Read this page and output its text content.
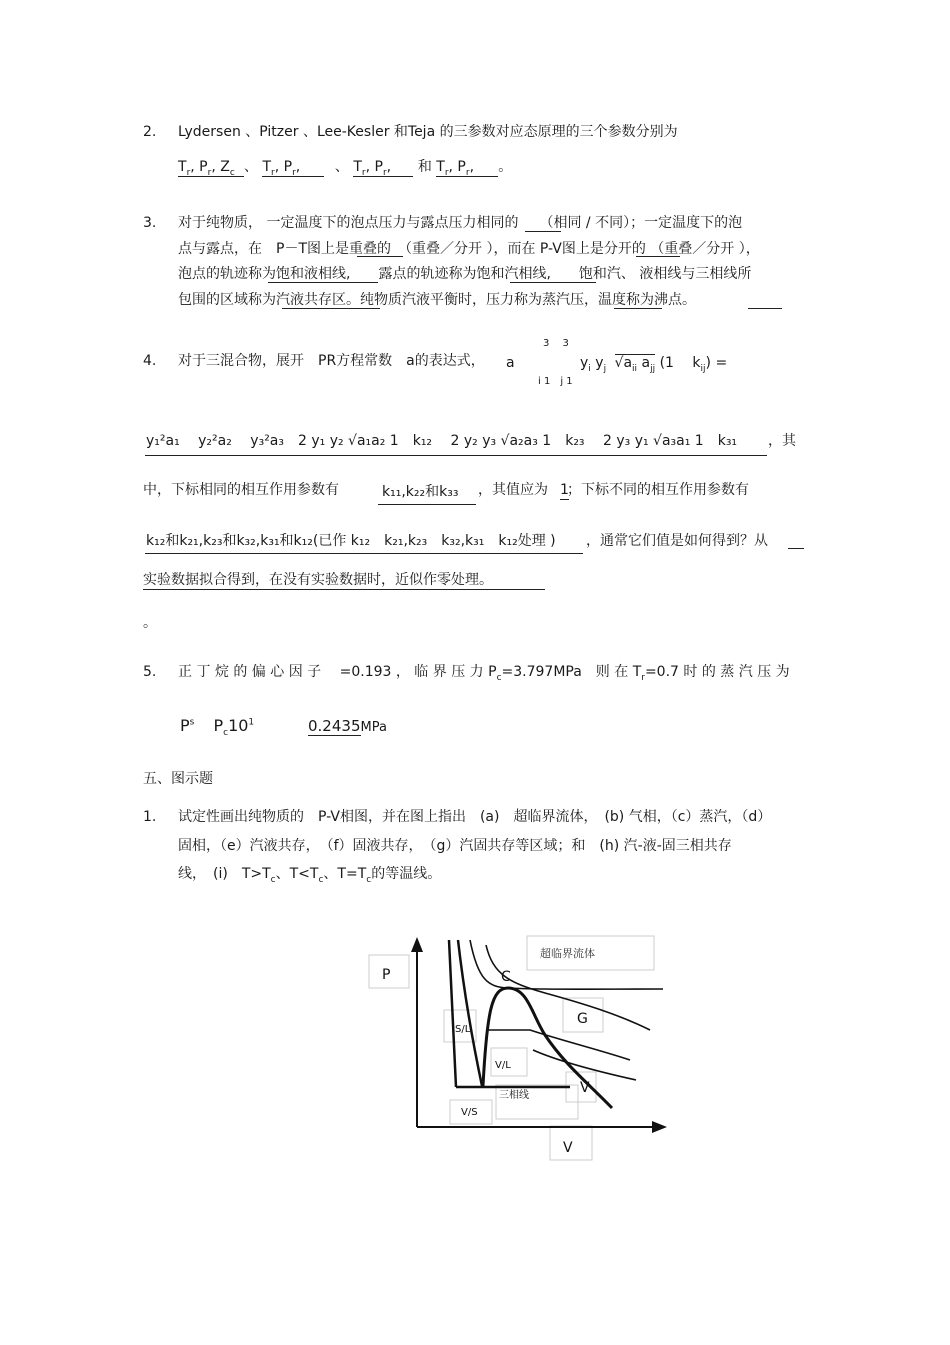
2. Lydersen 、Pitzer 、Lee-Kesler 和Teja 的三参数对应态原理的三个参数分别为
$T_r$, $P_r$, $Z_c$ 、 $T_r$, $P_r$, 、 $T_r$, $P_r$, 和 $T_r$, $P_r$, 。
3. 对于纯物质， 一定温度下的泡点压力与露点压力相同的　　（相同 / 不同）；一定温度下的泡
点与露点，在　P－T图上是重叠的　（重叠／分开 ），而在 P-V图上是分开的 （重叠／分开 ），
泡点的轨迹称为饱和液相线,　　露点的轨迹称为饱和汽相线,　　饱和汽、 液相线与三相线所
包围的区域称为汽液共存区。纯物质汽液平衡时，压力称为蒸汽压，温度称为沸点。
4. 对于三混合物，展开　PR方程常数　a的表达式， a
3　 3
i 1　j 1
$y_i$ $y_j$ $√a_{ii}$ $a_{jj}$ (1　 $k_{ij}$) =
y₁²a₁　 y₂²a₂　 y₃²a₃　2 y₁ y₂ √a₁a₂ 1　k₁₂　 2 y₂ y₃ √a₂a₃ 1　k₂₃　 2 y₃ y₁ √a₃a₁ 1　k₃₁ ，其
中，下标相同的相互作用参数有	k₁₁,k₂₂和k₃₃ ，其值应为 1
；下标不同的相互作用参数有
k₁₂和k₂₁,k₂₃和k₃₂,k₃₁和k₁₂(已作 k₁₂　k₂₁,k₂₃　k₃₂,k₃₁　k₁₂处理 ) ，通常它们值是如何得到？从
实验数据拟合得到，在没有实验数据时，近似作零处理。
。
5. 正 丁 烷 的 偏 心 因 子　 =0.193 ， 临 界 压 力 $P_c=3.797MPa$　则 在 $T_r=0.7$ 时 的 蒸 汽 压 为
$P^s$ $P_c10^1$	0.2435MPa
五、图示题
1. 试定性画出纯物质的　P-V相图，并在图上指出　(a)　超临界流体，　(b) 气相，（c）蒸汽，（d）
固相，（e）汽液共存，　（f）固液共存，　（g）汽固共存等区域；和　(h) 汽-液-固三相共存
线，　(i)　$T>T_c$、$T<T_c$、$T=T_c$的等温线。
P
超临界流体
C
G
S/L
V/L
三相线	V
V/S
V
